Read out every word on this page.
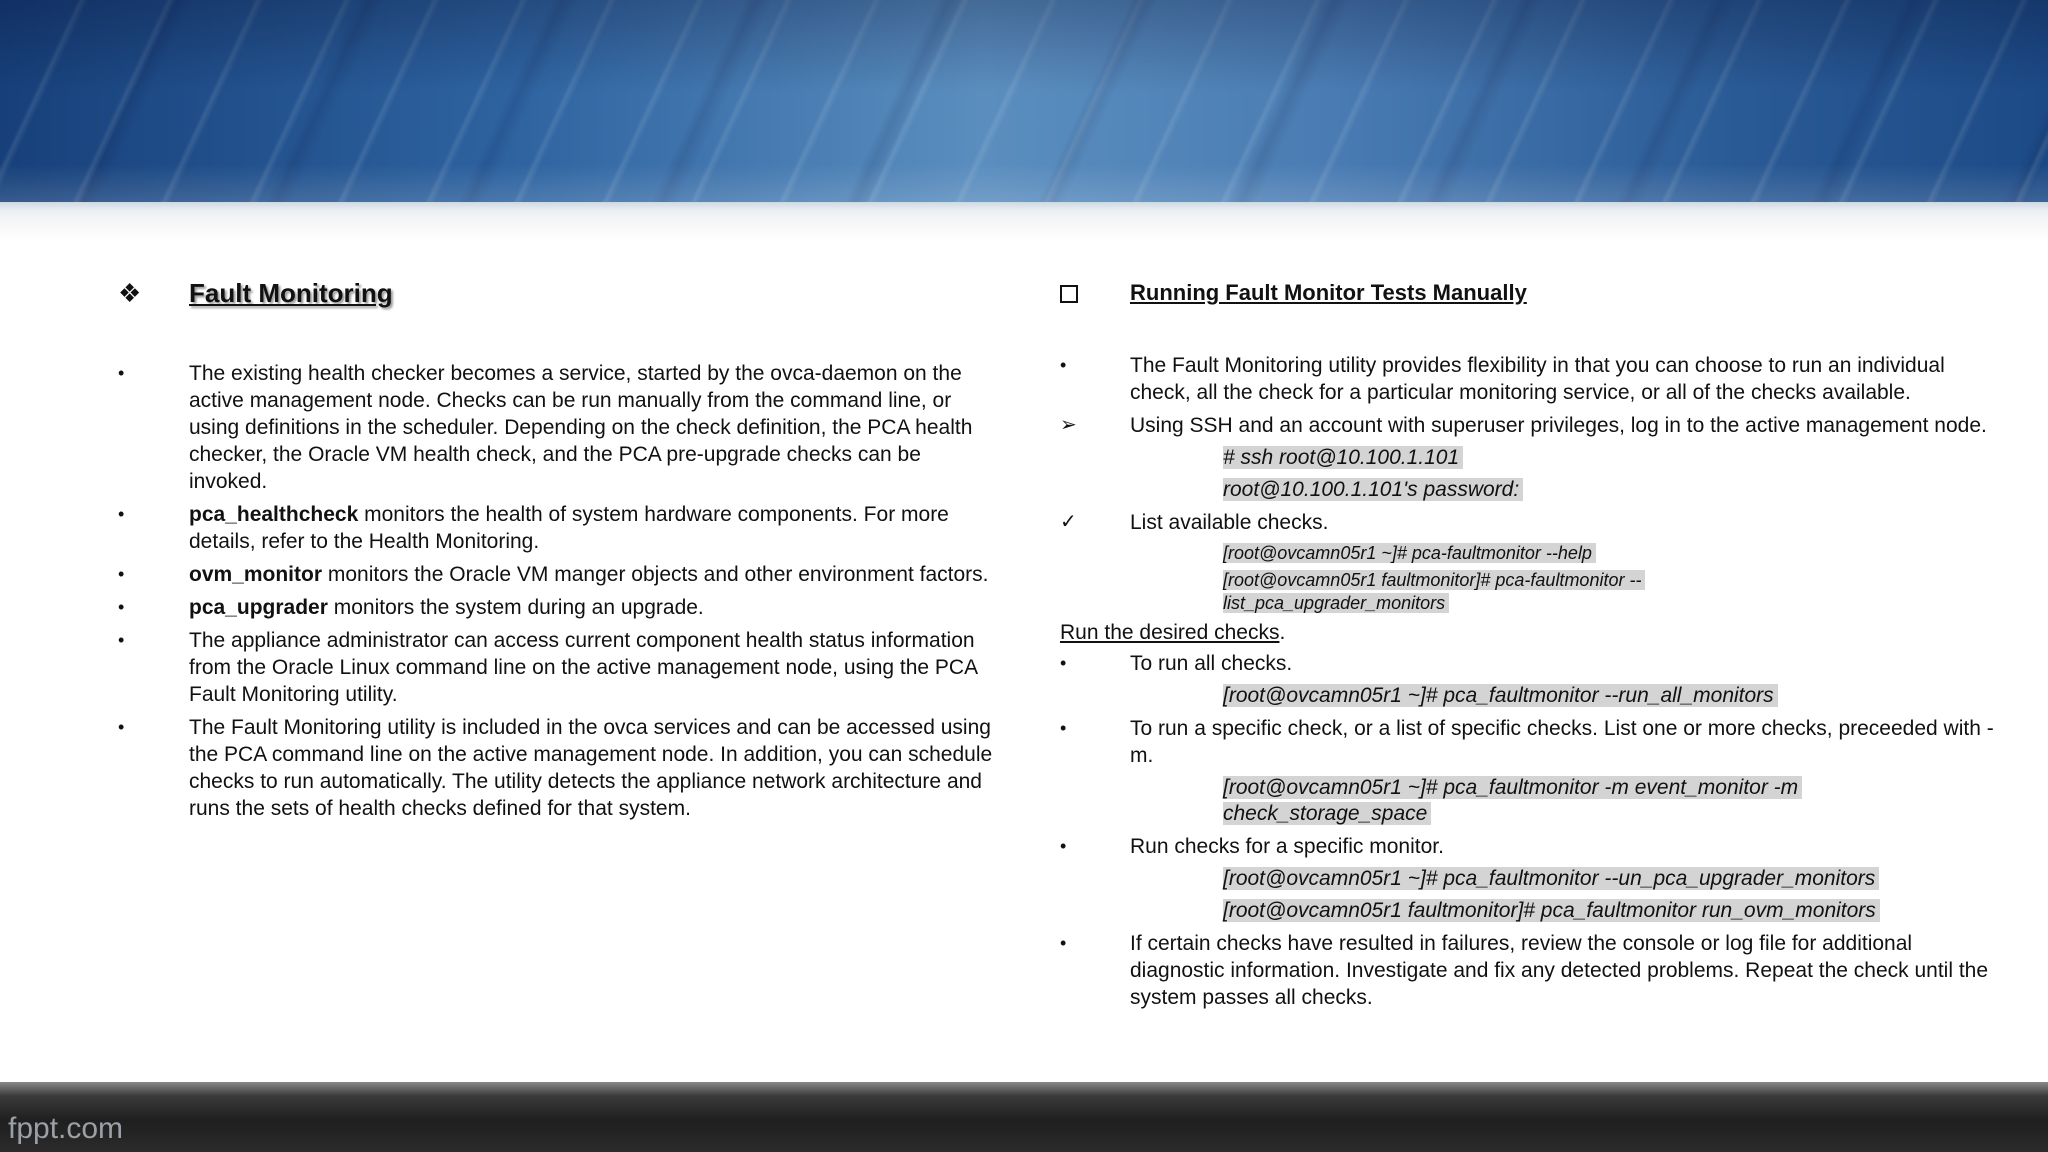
❖ Fault Monitoring
•	The existing health checker becomes a service, started by the ovca-daemon on the active management node. Checks can be run manually from the command line, or using definitions in the scheduler. Depending on the check definition, the PCA health checker, the Oracle VM health check, and the PCA pre-upgrade checks can be invoked.
•	pca_healthcheck monitors the health of system hardware components. For more details, refer to the Health Monitoring.
•	ovm_monitor monitors the Oracle VM manger objects and other environment factors.
•	pca_upgrader monitors the system during an upgrade.
•	The appliance administrator can access current component health status information from the Oracle Linux command line on the active management node, using the PCA Fault Monitoring utility.
•	The Fault Monitoring utility is included in the ovca services and can be accessed using the PCA command line on the active management node. In addition, you can schedule checks to run automatically. The utility detects the appliance network architecture and runs the sets of health checks defined for that system.
Running Fault Monitor Tests Manually
•	The Fault Monitoring utility provides flexibility in that you can choose to run an individual check, all the check for a particular monitoring service, or all of the checks available.
➢	Using SSH and an account with superuser privileges, log in to the active management node.
# ssh root@10.100.1.101
root@10.100.1.101's password:
✓	List available checks.
[root@ovcamn05r1 ~]# pca-faultmonitor --help
[root@ovcamn05r1 faultmonitor]# pca-faultmonitor --
list_pca_upgrader_monitors
Run the desired checks.
•	To run all checks.
[root@ovcamn05r1 ~]# pca_faultmonitor --run_all_monitors
•	To run a specific check, or a list of specific checks. List one or more checks, preceeded with -m.
[root@ovcamn05r1 ~]# pca_faultmonitor -m event_monitor -m
check_storage_space
•	Run checks for a specific monitor.
[root@ovcamn05r1 ~]# pca_faultmonitor --un_pca_upgrader_monitors
[root@ovcamn05r1 faultmonitor]# pca_faultmonitor run_ovm_monitors
•	If certain checks have resulted in failures, review the console or log file for additional diagnostic information. Investigate and fix any detected problems. Repeat the check until the system passes all checks.
fppt.com
